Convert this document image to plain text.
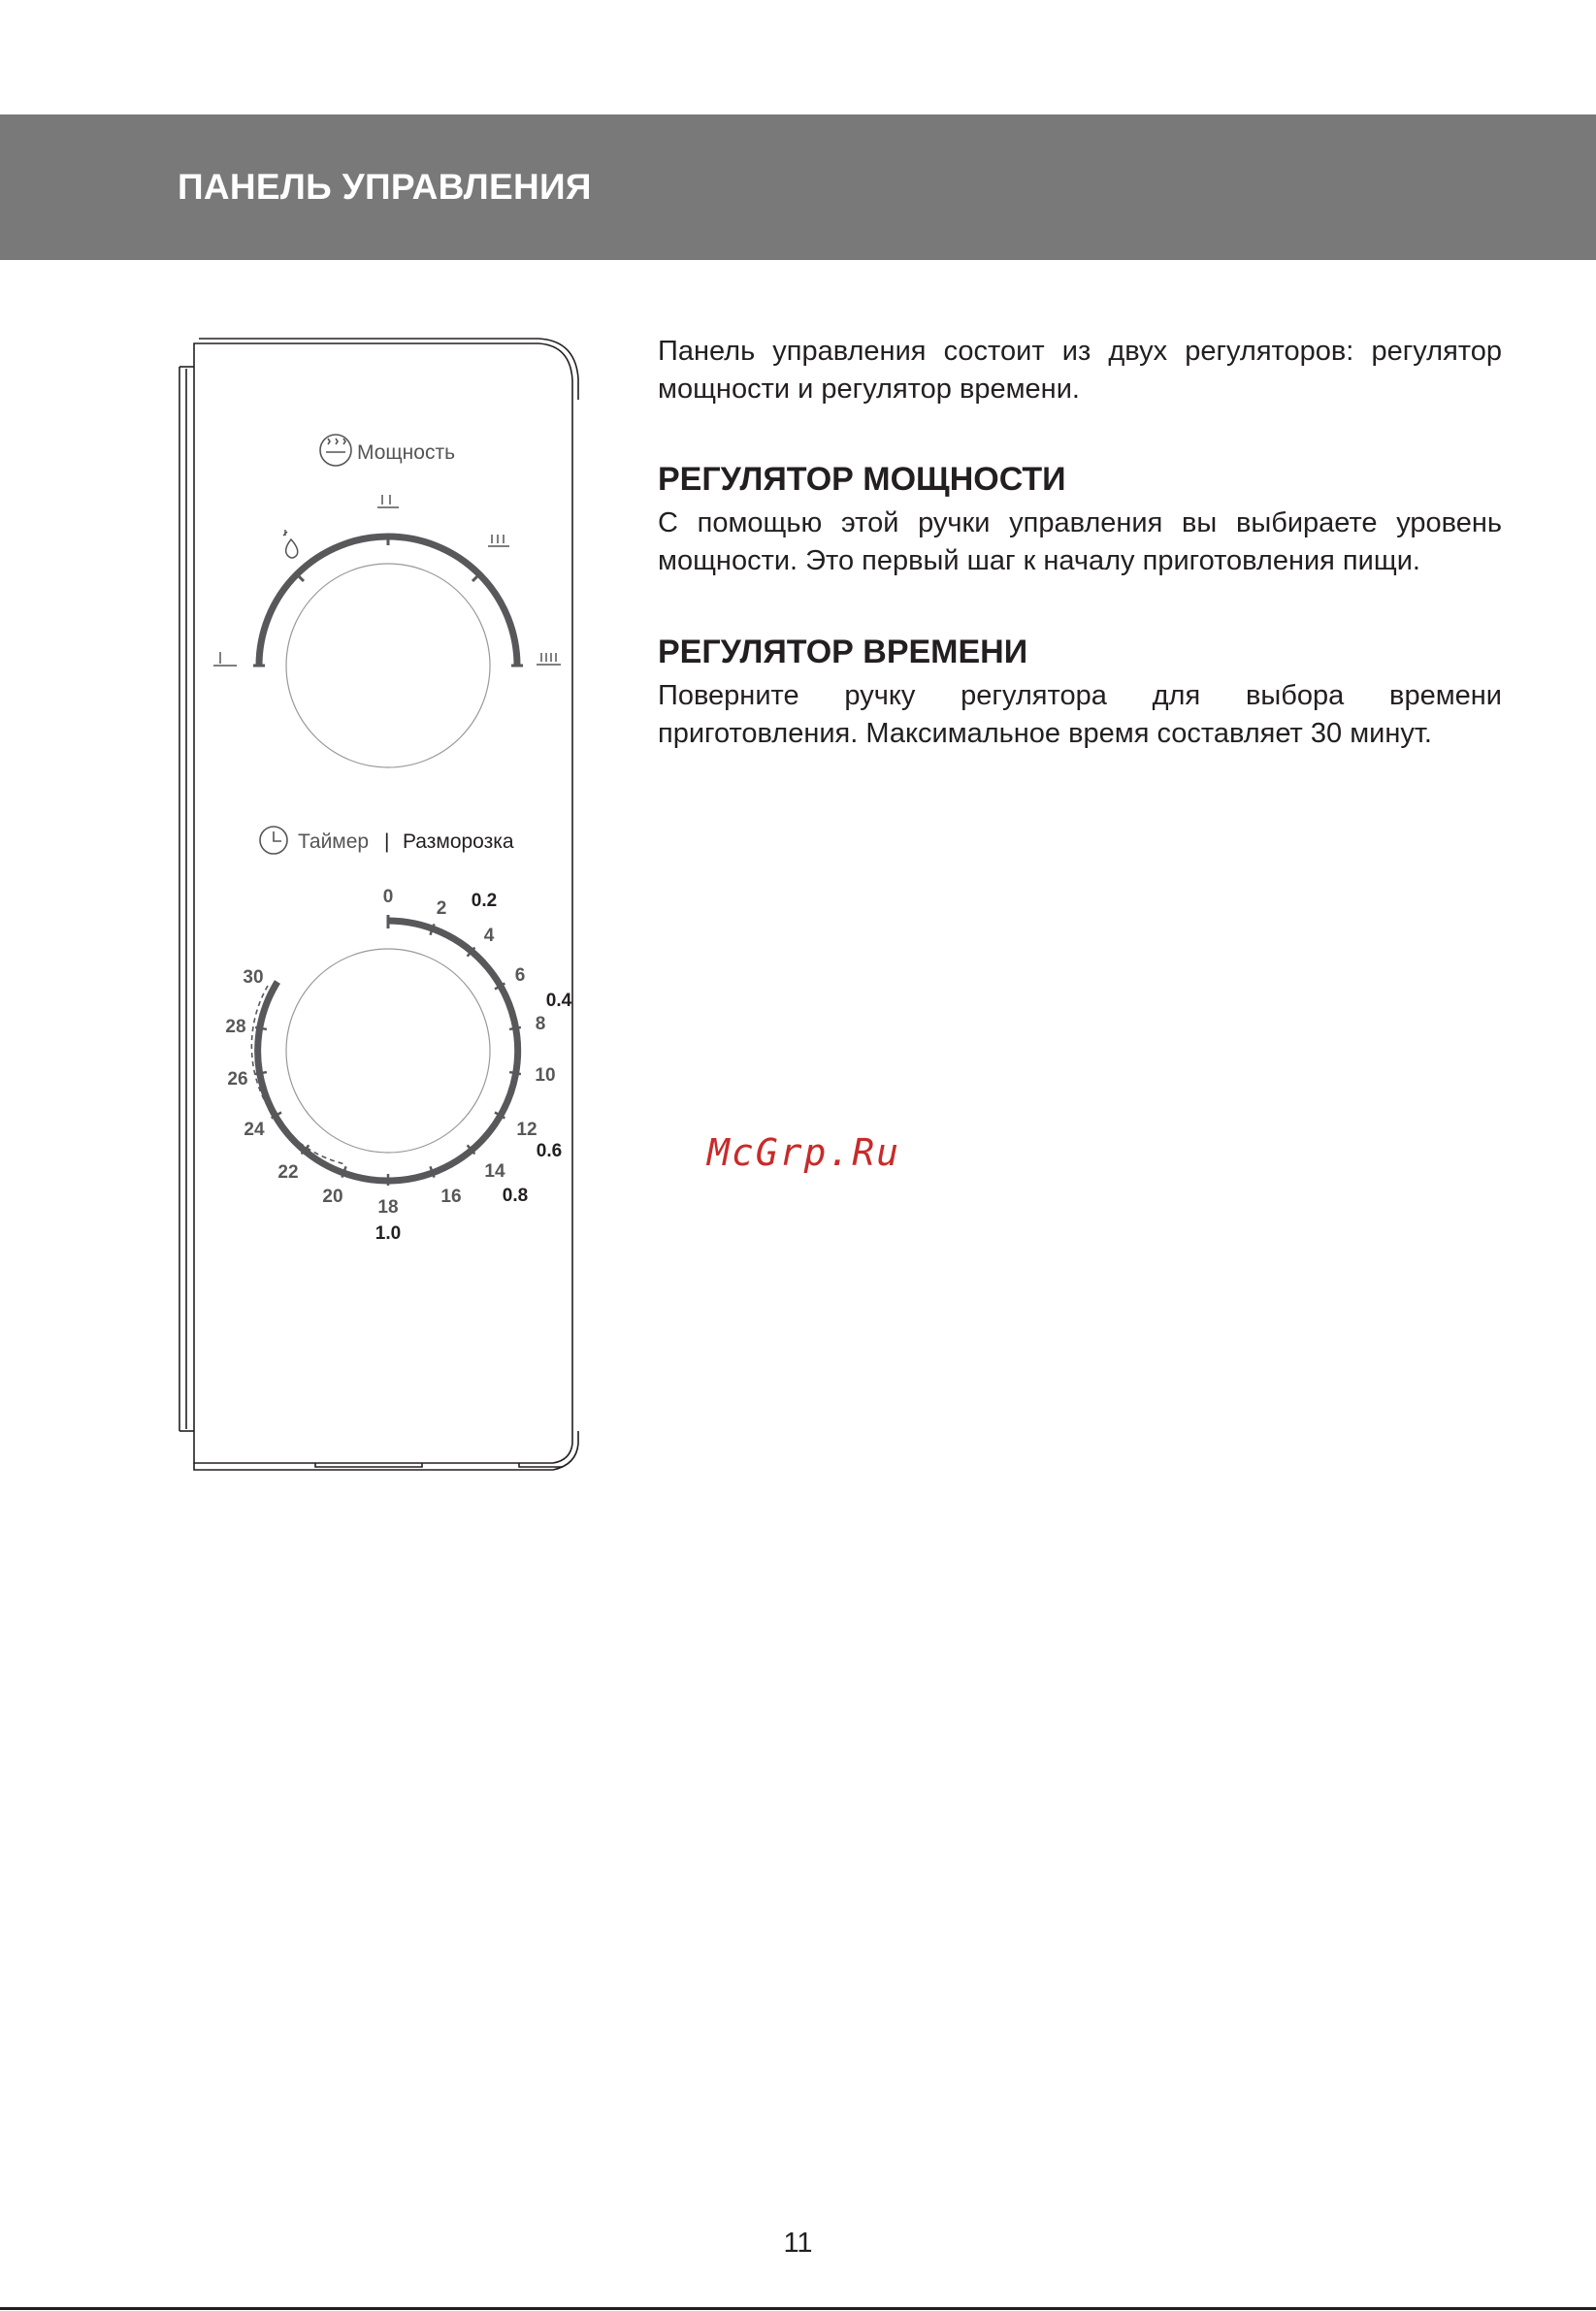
ПАНЕЛЬ УПРАВЛЕНИЯ
Мощность
Таймер | Разморозка
0
2
4
6
8
10
12
14
16
18
20
22
24
26
28
30
0.2
0.4
0.6
0.8
1.0

Панель управления состоит из двух регуляторов: регулятор мощности и регулятор времени.

РЕГУЛЯТОР МОЩНОСТИ

С помощью этой ручки управления вы выбираете уровень мощности. Это первый шаг к началу приготовления пищи.

РЕГУЛЯТОР ВРЕМЕНИ

Поверните ручку регулятора для выбора времени приготовления. Максимальное время составляет 30 минут.

McGrp.Ru
11
